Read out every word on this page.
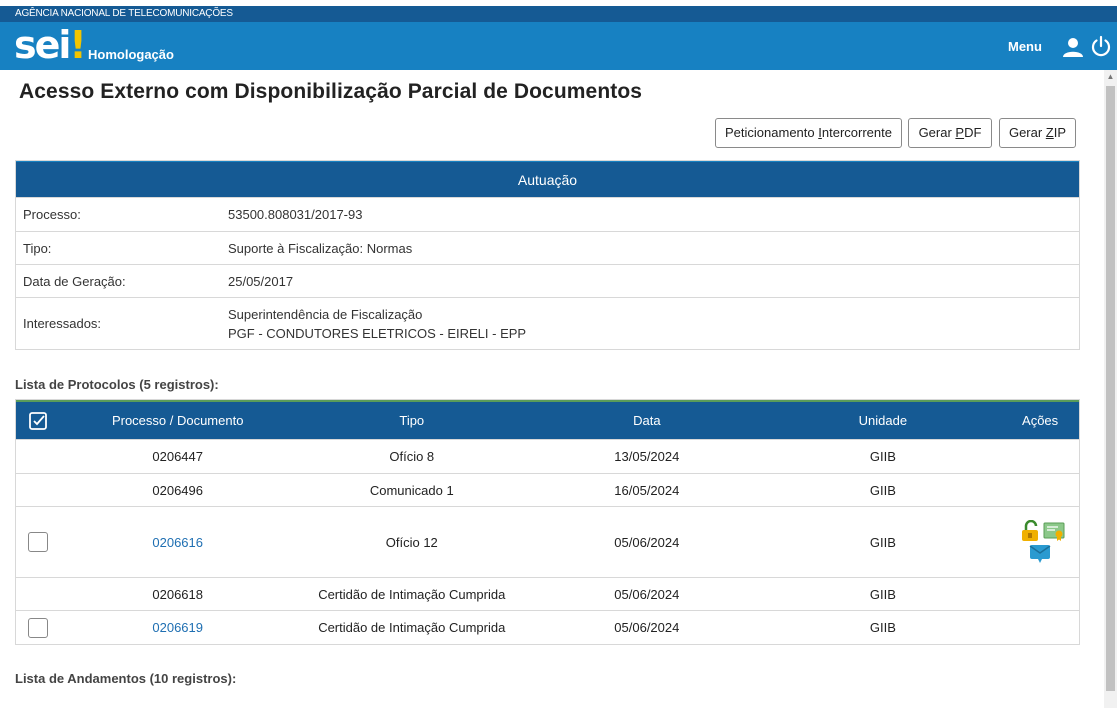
AGÊNCIA NACIONAL DE TELECOMUNICAÇÕES
sei! Homologação
Menu
▲
Acesso Externo com Disponibilização Parcial de Documentos
Peticionamento Intercorrente	Gerar PDF	Gerar ZIP
Autuação
Processo:	53500.808031/2017-93
Tipo:	Suporte à Fiscalização: Normas
Data de Geração:	25/05/2017
Interessados:
Superintendência de Fiscalização
PGF - CONDUTORES ELETRICOS - EIRELI - EPP
Lista de Protocolos (5 registros):
Processo / Documento	Tipo	Data	Unidade	Ações
0206447	Ofício 8	13/05/2024	GIIB
0206496	Comunicado 1	16/05/2024	GIIB
0206616	Ofício 12	05/06/2024	GIIB
0206618	Certidão de Intimação Cumprida	05/06/2024	GIIB
0206619	Certidão de Intimação Cumprida	05/06/2024	GIIB
Lista de Andamentos (10 registros):
